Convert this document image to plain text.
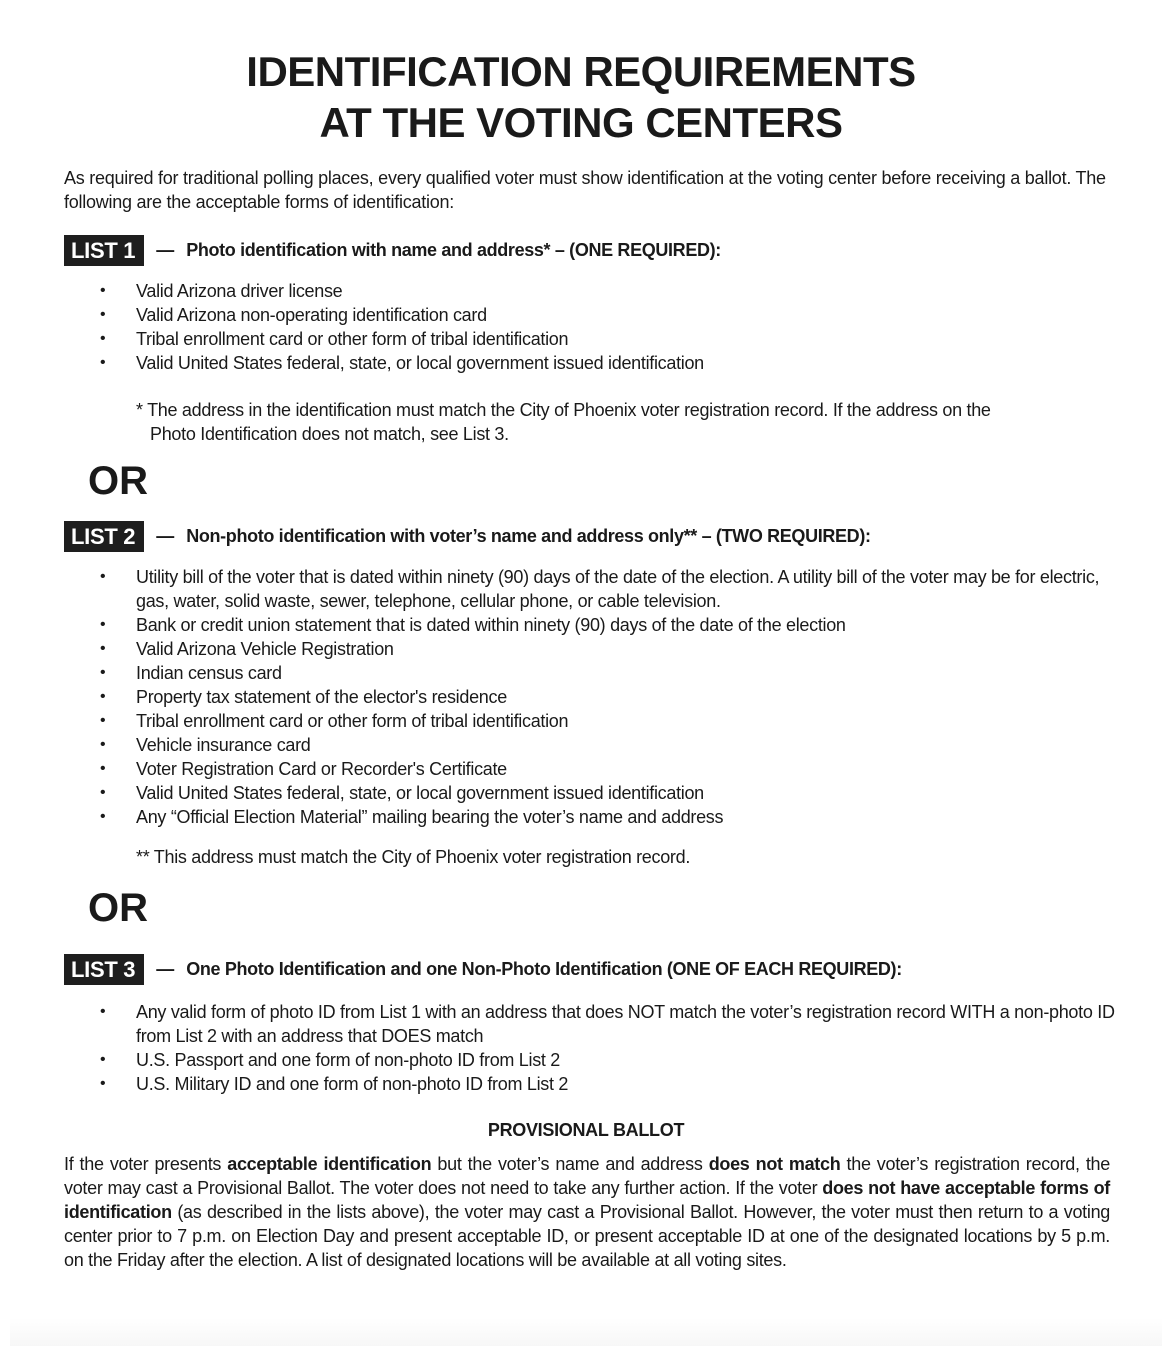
IDENTIFICATION REQUIREMENTS
AT THE VOTING CENTERS

As required for traditional polling places, every qualified voter must show identification at the voting center before receiving a ballot. The following are the acceptable forms of identification:

LIST 1	— Photo identification with name and address* – (ONE REQUIRED):
• Valid Arizona driver license
• Valid Arizona non-operating identification card
• Tribal enrollment card or other form of tribal identification
• Valid United States federal, state, or local government issued identification
* The address in the identification must match the City of Phoenix voter registration record. If the address on the
Photo Identification does not match, see List 3.
OR
LIST 2	— Non-photo identification with voter’s name and address only** – (TWO REQUIRED):
• Utility bill of the voter that is dated within ninety (90) days of the date of the election. A utility bill of the voter may be for electric, gas, water, solid waste, sewer, telephone, cellular phone, or cable television.
• Bank or credit union statement that is dated within ninety (90) days of the date of the election
• Valid Arizona Vehicle Registration
• Indian census card
• Property tax statement of the elector's residence
• Tribal enrollment card or other form of tribal identification
• Vehicle insurance card
• Voter Registration Card or Recorder's Certificate
• Valid United States federal, state, or local government issued identification
• Any “Official Election Material” mailing bearing the voter’s name and address
** This address must match the City of Phoenix voter registration record.
OR
LIST 3	— One Photo Identification and one Non-Photo Identification (ONE OF EACH REQUIRED):
• Any valid form of photo ID from List 1 with an address that does NOT match the voter’s registration record WITH a non-photo ID from List 2 with an address that DOES match
• U.S. Passport and one form of non-photo ID from List 2
• U.S. Military ID and one form of non-photo ID from List 2
PROVISIONAL BALLOT

If the voter presents acceptable identification but the voter’s name and address does not match the voter’s registration record, the voter may cast a Provisional Ballot. The voter does not need to take any further action. If the voter does not have acceptable forms of identification (as described in the lists above), the voter may cast a Provisional Ballot. However, the voter must then return to a voting center prior to 7 p.m. on Election Day and present acceptable ID, or present acceptable ID at one of the designated locations by 5 p.m. on the Friday after the election. A list of designated locations will be available at all voting sites.
